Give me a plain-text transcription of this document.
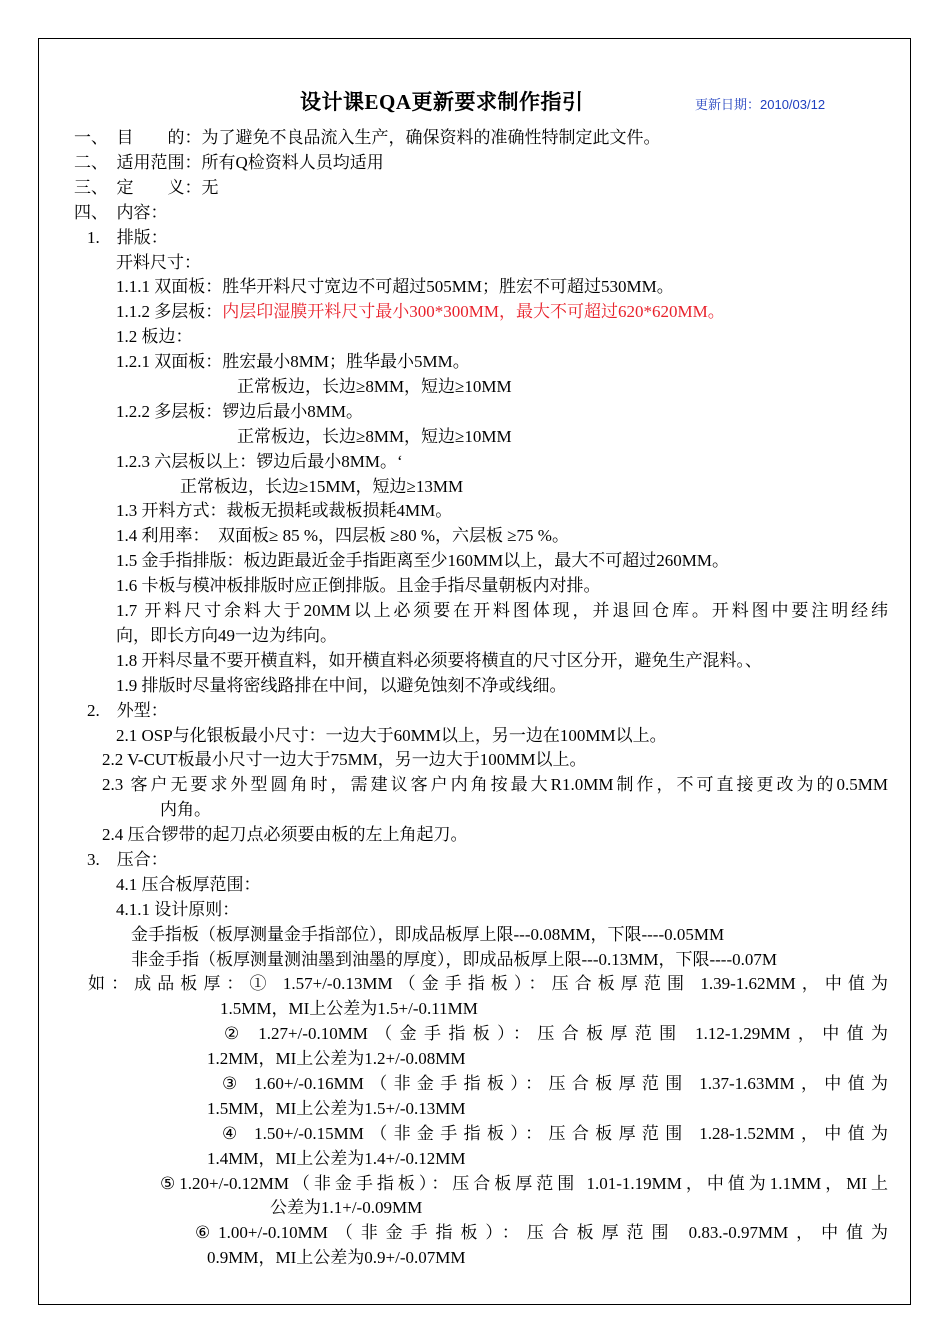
设计课EQA更新要求制作指引	更新日期：2010/03/12
一、　目　　的：为了避免不良品流入生产，确保资料的准确性特制定此文件。
二、　适用范围：所有Q检资料人员均适用
三、　定　　义：无
四、　内容：
1.　排版：
开料尺寸：
1.1.1 双面板：胜华开料尺寸宽边不可超过505MM；胜宏不可超过530MM。
1.1.2 多层板：内层印湿膜开料尺寸最小300*300MM，最大不可超过620*620MM。
1.2 板边：
1.2.1 双面板：胜宏最小8MM；胜华最小5MM。
正常板边，长边≥8MM，短边≥10MM
1.2.2 多层板：锣边后最小8MM。
正常板边，长边≥8MM，短边≥10MM
1.2.3 六层板以上：锣边后最小8MM。‘
正常板边，长边≥15MM，短边≥13MM
1.3 开料方式：裁板无损耗或裁板损耗4MM。
1.4 利用率：　双面板≥ 85 %，四层板 ≥80 %，六层板 ≥75 %。
1.5 金手指排版：板边距最近金手指距离至少160MM以上，最大不可超过260MM。
1.6 卡板与模冲板排版时应正倒排版。且金手指尽量朝板内对排。
1.7 开料尺寸余料大于20MM以上必须要在开料图体现，并退回仓库。开料图中要注明经纬
向，即长方向49一边为纬向。
1.8 开料尽量不要开横直料，如开横直料必须要将横直的尺寸区分开，避免生产混料。、
1.9 排版时尽量将密线路排在中间，以避免蚀刻不净或线细。
2.　外型：
2.1 OSP与化银板最小尺寸：一边大于60MM以上，另一边在100MM以上。
2.2 V-CUT板最小尺寸一边大于75MM，另一边大于100MM以上。
2.3 客户无要求外型圆角时，需建议客户内角按最大R1.0MM制作，不可直接更改为的0.5MM
内角。
2.4 压合锣带的起刀点必须要由板的左上角起刀。
3.　压合：
4.1 压合板厚范围：
4.1.1 设计原则：
金手指板（板厚测量金手指部位），即成品板厚上限---0.08MM，下限----0.05MM
非金手指（板厚测量测油墨到油墨的厚度），即成品板厚上限---0.13MM，下限----0.07M
如：成品板厚：① 1.57+/-0.13MM（金手指板）：压合板厚范围 1.39-1.62MM，中值为
1.5MM，MI上公差为1.5+/-0.11MM
② 1.27+/-0.10MM（金手指板）：压合板厚范围 1.12-1.29MM，中值为
1.2MM，MI上公差为1.2+/-0.08MM
③ 1.60+/-0.16MM（非金手指板）：压合板厚范围 1.37-1.63MM，中值为
1.5MM，MI上公差为1.5+/-0.13MM
④ 1.50+/-0.15MM（非金手指板）：压合板厚范围 1.28-1.52MM，中值为
1.4MM，MI上公差为1.4+/-0.12MM
⑤1.20+/-0.12MM（非金手指板）：压合板厚范围 1.01-1.19MM，中值为1.1MM，MI上
公差为1.1+/-0.09MM
⑥1.00+/-0.10MM（非金手指板）：压合板厚范围 0.83.-0.97MM，中值为
0.9MM，MI上公差为0.9+/-0.07MM
